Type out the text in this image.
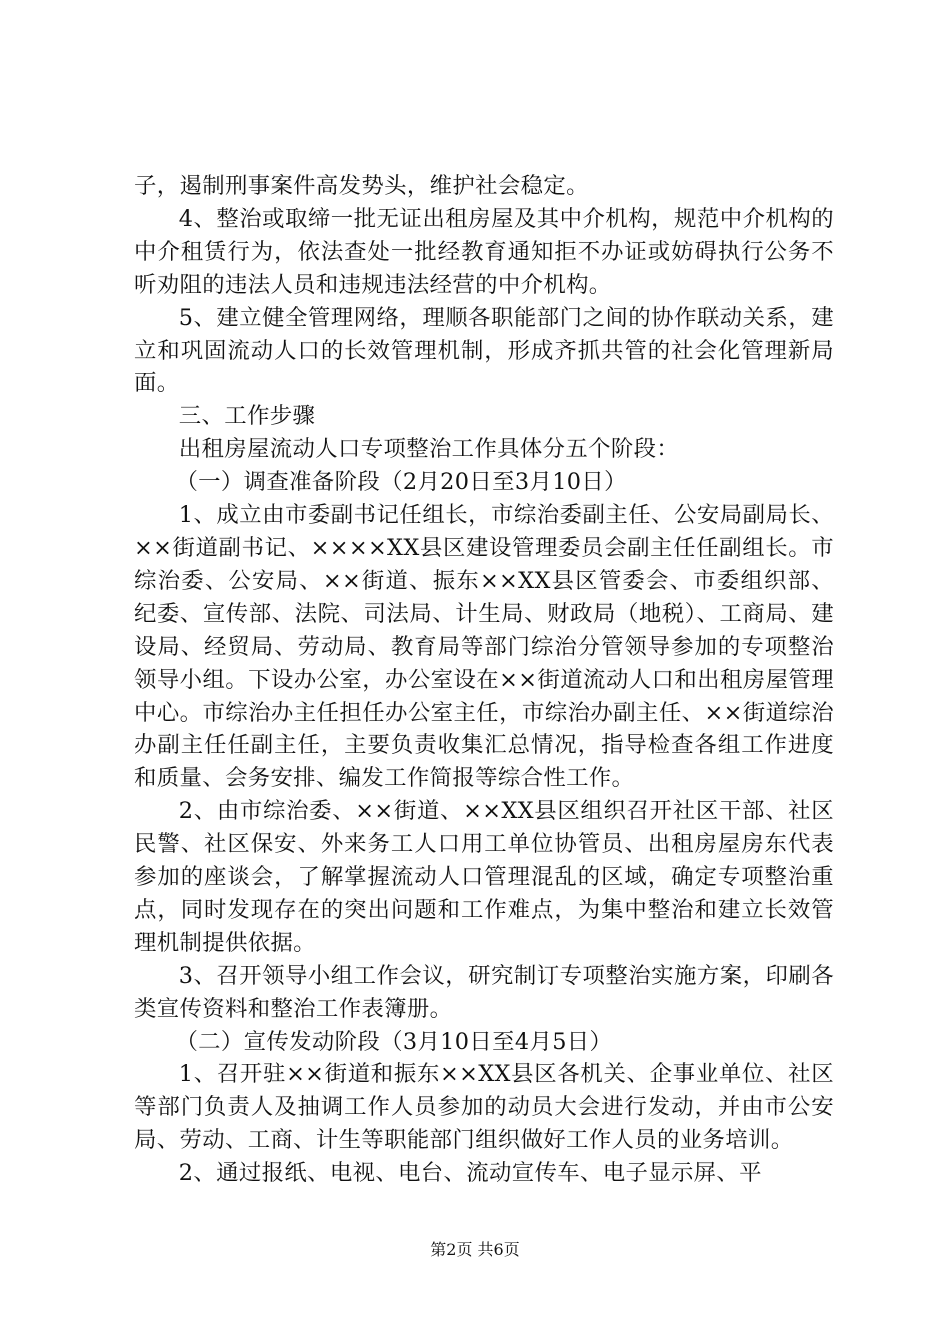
子，遏制刑事案件高发势头，维护社会稳定。

4、整治或取缔一批无证出租房屋及其中介机构，规范中介机构的中介租赁行为，依法查处一批经教育通知拒不办证或妨碍执行公务不听劝阻的违法人员和违规违法经营的中介机构。

5、建立健全管理网络，理顺各职能部门之间的协作联动关系，建立和巩固流动人口的长效管理机制，形成齐抓共管的社会化管理新局面。

三、工作步骤

出租房屋流动人口专项整治工作具体分五个阶段：

（一）调查准备阶段（2月20日至3月10日）

1、成立由市委副书记任组长，市综治委副主任、公安局副局长、××街道副书记、××××XX县区建设管理委员会副主任任副组长。市综治委、公安局、××街道、振东××XX县区管委会、市委组织部、纪委、宣传部、法院、司法局、计生局、财政局（地税）、工商局、建设局、经贸局、劳动局、教育局等部门综治分管领导参加的专项整治领导小组。下设办公室，办公室设在××街道流动人口和出租房屋管理中心。市综治办主任担任办公室主任，市综治办副主任、××街道综治办副主任任副主任，主要负责收集汇总情况，指导检查各组工作进度和质量、会务安排、编发工作简报等综合性工作。

2、由市综治委、××街道、××XX县区组织召开社区干部、社区民警、社区保安、外来务工人口用工单位协管员、出租房屋房东代表参加的座谈会，了解掌握流动人口管理混乱的区域，确定专项整治重点，同时发现存在的突出问题和工作难点，为集中整治和建立长效管理机制提供依据。

3、召开领导小组工作会议，研究制订专项整治实施方案，印刷各类宣传资料和整治工作表簿册。

（二）宣传发动阶段（3月10日至4月5日）

1、召开驻××街道和振东××XX县区各机关、企事业单位、社区等部门负责人及抽调工作人员参加的动员大会进行发动，并由市公安局、劳动、工商、计生等职能部门组织做好工作人员的业务培训。

2、通过报纸、电视、电台、流动宣传车、电子显示屏、平

第2页 共6页
